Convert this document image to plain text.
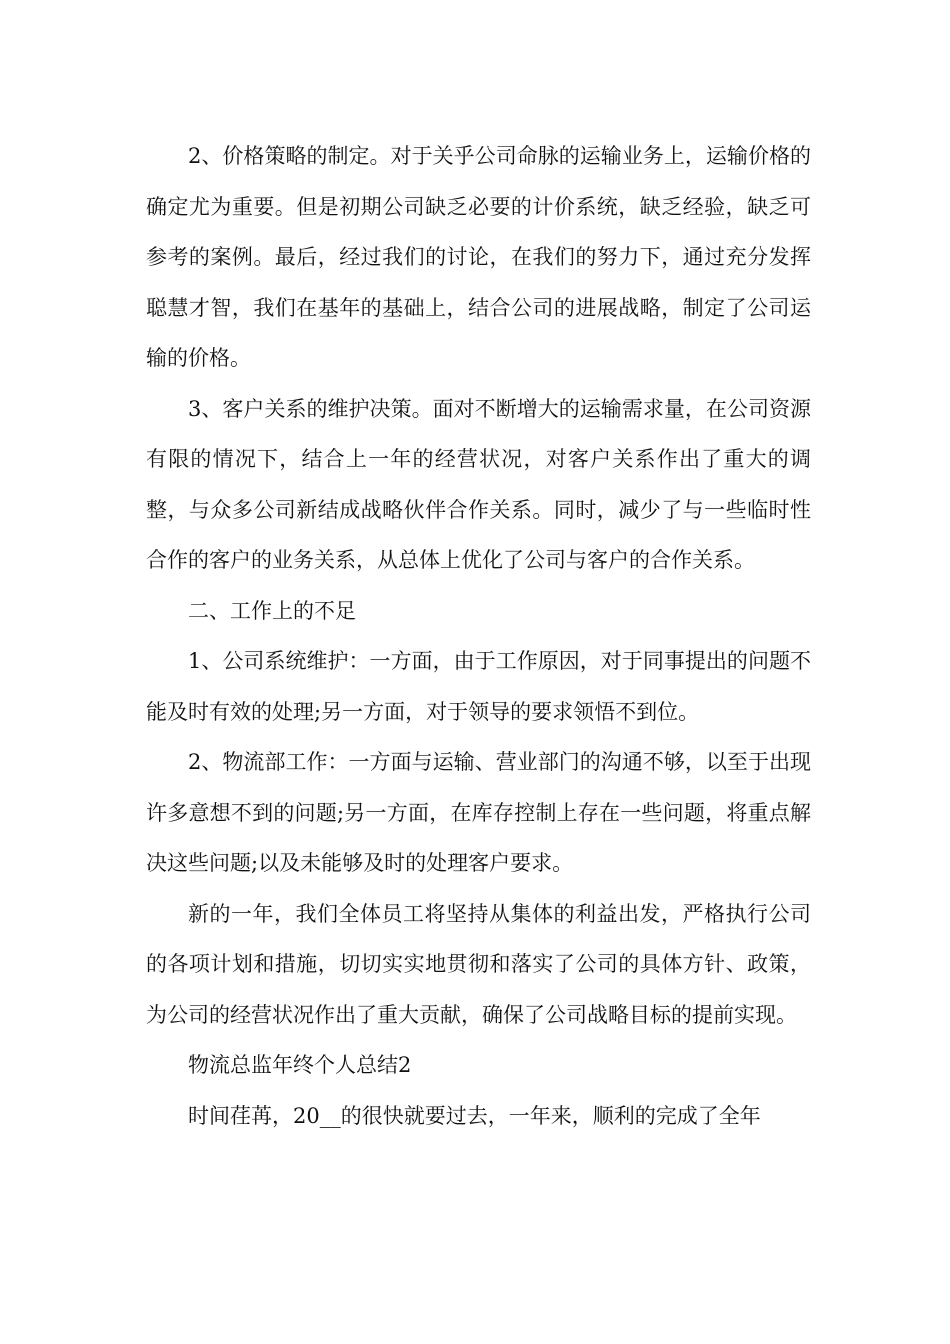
2、价格策略的制定。对于关乎公司命脉的运输业务上，运输价格的确定尤为重要。但是初期公司缺乏必要的计价系统，缺乏经验，缺乏可参考的案例。最后，经过我们的讨论，在我们的努力下，通过充分发挥聪慧才智，我们在基年的基础上，结合公司的进展战略，制定了公司运输的价格。

3、客户关系的维护决策。面对不断增大的运输需求量，在公司资源有限的情况下，结合上一年的经营状况，对客户关系作出了重大的调整，与众多公司新结成战略伙伴合作关系。同时，减少了与一些临时性合作的客户的业务关系，从总体上优化了公司与客户的合作关系。

二、工作上的不足

1、公司系统维护：一方面，由于工作原因，对于同事提出的问题不能及时有效的处理;另一方面，对于领导的要求领悟不到位。

2、物流部工作：一方面与运输、营业部门的沟通不够，以至于出现许多意想不到的问题;另一方面，在库存控制上存在一些问题，将重点解决这些问题;以及未能够及时的处理客户要求。

新的一年，我们全体员工将坚持从集体的利益出发，严格执行公司的各项计划和措施，切切实实地贯彻和落实了公司的具体方针、政策，为公司的经营状况作出了重大贡献，确保了公司战略目标的提前实现。

物流总监年终个人总结2

时间荏苒，20__的很快就要过去，一年来，顺利的完成了全年
